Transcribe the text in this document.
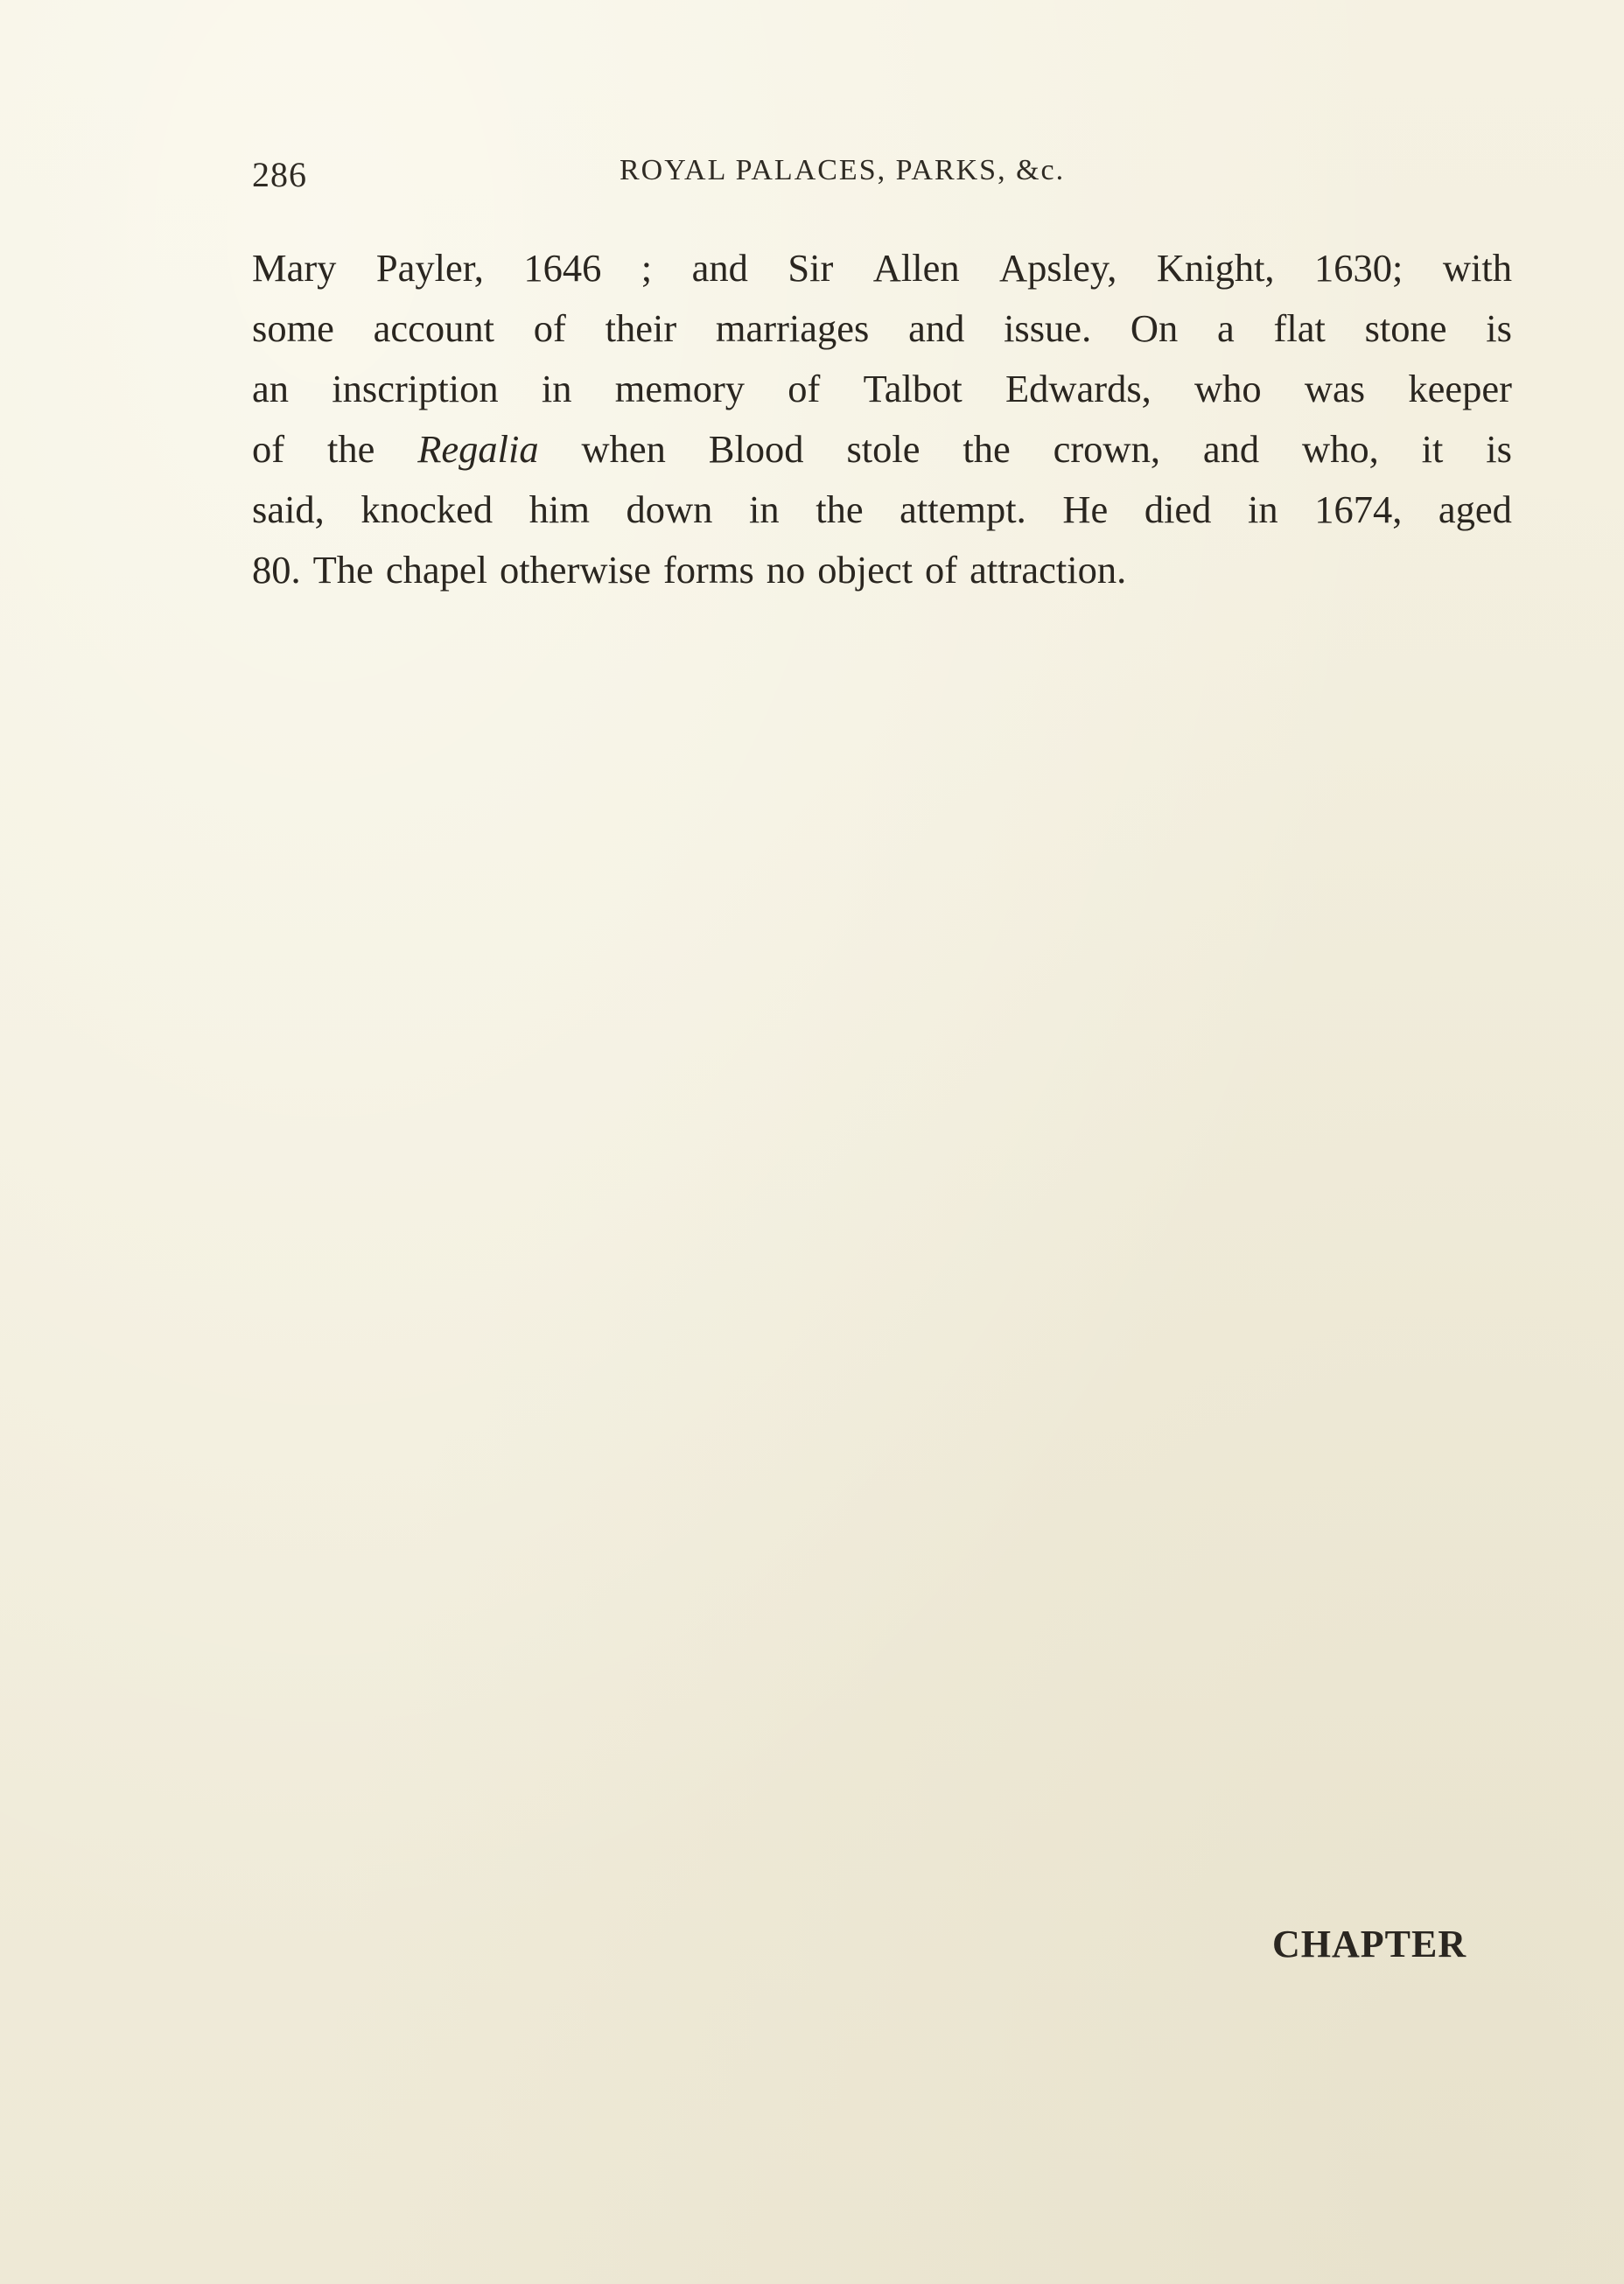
286	ROYAL PALACES, PARKS, &c.
Mary Payler, 1646 ; and Sir Allen Apsley, Knight, 1630; with
some account of their marriages and issue. On a flat stone is
an inscription in memory of Talbot Edwards, who was keeper
of the Regalia when Blood stole the crown, and who, it is
said, knocked him down in the attempt. He died in 1674, aged
80. The chapel otherwise forms no object of attraction.
CHAPTER
